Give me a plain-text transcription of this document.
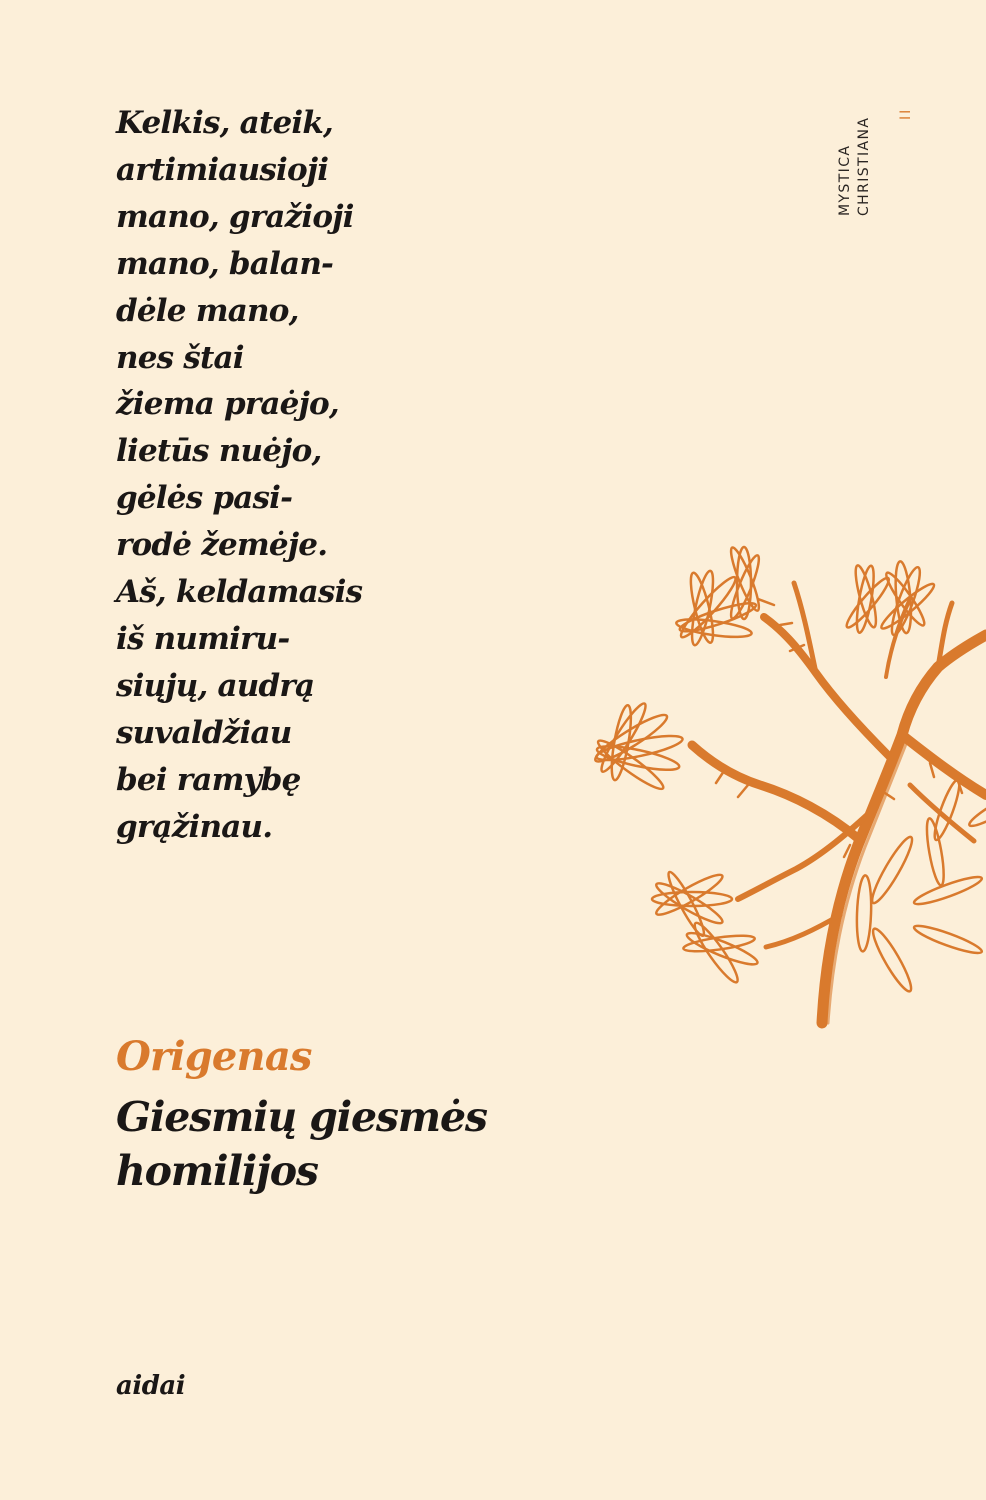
Kelkis, ateik,
artimiausioji
mano, gražioji
mano, balan-
dėle mano,
nes štai
žiema praėjo,
lietūs nuėjo,
gėlės pasi-
rodė žemėje.
Aš, keldamasis
iš numiru-
siųjų, audrą
suvaldžiau
bei ramybę
grąžinau.
MYSTICA CHRISTIANA
II

Origenas

Giesmių giesmės
homilijos

aidai
